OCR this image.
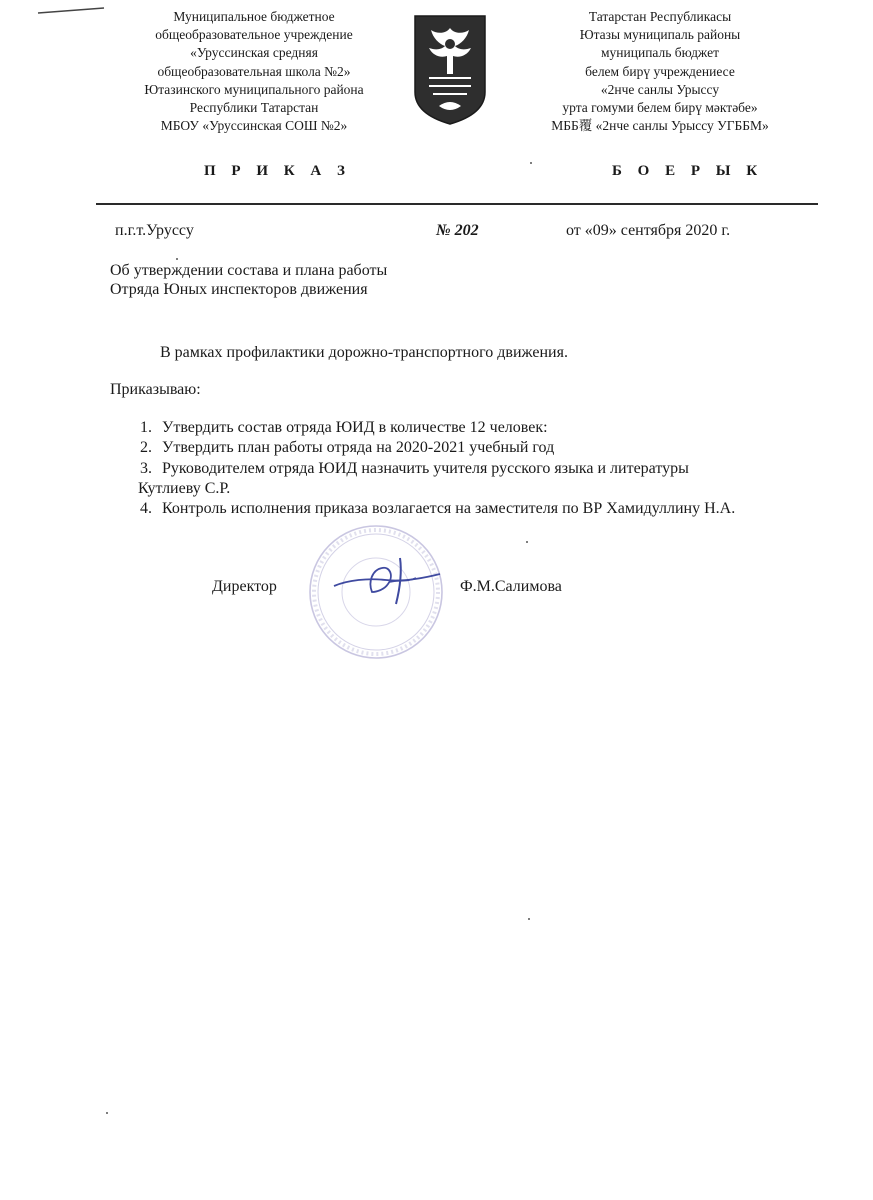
Муниципальное бюджетное
общеобразовательное учреждение
«Уруссинская средняя
общеобразовательная школа №2»
Ютазинского муниципального района
Республики Татарстан
МБОУ «Уруссинская СОШ №2»
Татарстан Республикасы
Ютазы муниципаль районы
муниципаль бюджет
белем бирү учреждениесе
«2нче санлы Урыссу
урта гомуми белем бирү мәктәбе»
МББ覆 «2нче санлы Урыссу УГББМ»
П Р И К А З	Б О Е Р Ы К
п.г.т.Уруссу	№ 202	от «09» сентября 2020 г.
Об утверждении состава и плана работы
Отряда Юных инспекторов движения
В рамках профилактики дорожно-транспортного движения.
Приказываю:
1. Утвердить состав отряда ЮИД в количестве 12 человек:
2. Утвердить план работы отряда на 2020-2021 учебный год
3. Руководителем отряда ЮИД назначить учителя русского языка и литературы
Кутлиеву С.Р.
4. Контроль исполнения приказа возлагается на заместителя по ВР Хамидуллину Н.А.
Директор	Ф.М.Салимова
